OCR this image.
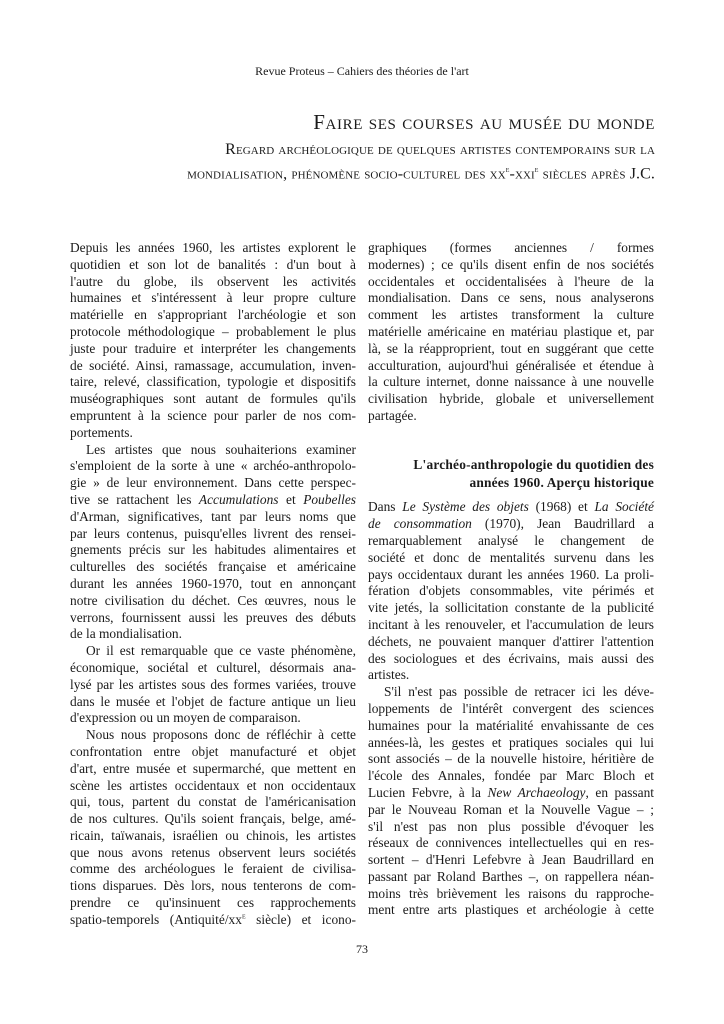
Revue Proteus – Cahiers des théories de l'art
Faire ses courses au musée du monde
Regard archéologique de quelques artistes contemporains sur la
mondialisation, phénomène socio-culturel des $xx^e-xxi^e$ siècles après J.C.
Depuis les années 1960, les artistes explorent le
quotidien et son lot de banalités : d'un bout à
l'autre du globe, ils observent les activités
humaines et s'intéressent à leur propre culture
matérielle en s'appropriant l'archéologie et son
protocole méthodologique – probablement le plus
juste pour traduire et interpréter les changements
de société. Ainsi, ramassage, accumulation, inven-
taire, relevé, classification, typologie et dispositifs
muséographiques sont autant de formules qu'ils
empruntent à la science pour parler de nos com-
portements.
Les artistes que nous souhaiterions examiner
s'emploient de la sorte à une « archéo-anthropolo-
gie » de leur environnement. Dans cette perspec-
tive se rattachent les Accumulations et Poubelles
d'Arman, significatives, tant par leurs noms que
par leurs contenus, puisqu'elles livrent des rensei-
gnements précis sur les habitudes alimentaires et
culturelles des sociétés française et américaine
durant les années 1960-1970, tout en annonçant
notre civilisation du déchet. Ces œuvres, nous le
verrons, fournissent aussi les preuves des débuts
de la mondialisation.
Or il est remarquable que ce vaste phénomène,
économique, sociétal et culturel, désormais ana-
lysé par les artistes sous des formes variées, trouve
dans le musée et l'objet de facture antique un lieu
d'expression ou un moyen de comparaison.
Nous nous proposons donc de réfléchir à cette
confrontation entre objet manufacturé et objet
d'art, entre musée et supermarché, que mettent en
scène les artistes occidentaux et non occidentaux
qui, tous, partent du constat de l'américanisation
de nos cultures. Qu'ils soient français, belge, amé-
ricain, taïwanais, israélien ou chinois, les artistes
que nous avons retenus observent leurs sociétés
comme des archéologues le feraient de civilisa-
tions disparues. Dès lors, nous tenterons de com-
prendre ce qu'insinuent ces rapprochements
spatio-temporels ($Antiquité/xx^e$ siècle) et icono-
graphiques (formes anciennes / formes
modernes) ; ce qu'ils disent enfin de nos sociétés
occidentales et occidentalisées à l'heure de la
mondialisation. Dans ce sens, nous analyserons
comment les artistes transforment la culture
matérielle américaine en matériau plastique et, par
là, se la réapproprient, tout en suggérant que cette
acculturation, aujourd'hui généralisée et étendue à
la culture internet, donne naissance à une nouvelle
civilisation hybride, globale et universellement
partagée.
L'archéo-anthropologie du quotidien des
années 1960. Aperçu historique
Dans Le Système des objets (1968) et La Société
de consommation (1970), Jean Baudrillard a
remarquablement analysé le changement de
société et donc de mentalités survenu dans les
pays occidentaux durant les années 1960. La proli-
fération d'objets consommables, vite périmés et
vite jetés, la sollicitation constante de la publicité
incitant à les renouveler, et l'accumulation de leurs
déchets, ne pouvaient manquer d'attirer l'attention
des sociologues et des écrivains, mais aussi des
artistes.
S'il n'est pas possible de retracer ici les déve-
loppements de l'intérêt convergent des sciences
humaines pour la matérialité envahissante de ces
années-là, les gestes et pratiques sociales qui lui
sont associés – de la nouvelle histoire, héritière de
l'école des Annales, fondée par Marc Bloch et
Lucien Febvre, à la New Archaeology, en passant
par le Nouveau Roman et la Nouvelle Vague – ;
s'il n'est pas non plus possible d'évoquer les
réseaux de connivences intellectuelles qui en res-
sortent – d'Henri Lefebvre à Jean Baudrillard en
passant par Roland Barthes –, on rappellera néan-
moins très brièvement les raisons du rapproche-
ment entre arts plastiques et archéologie à cette
73
